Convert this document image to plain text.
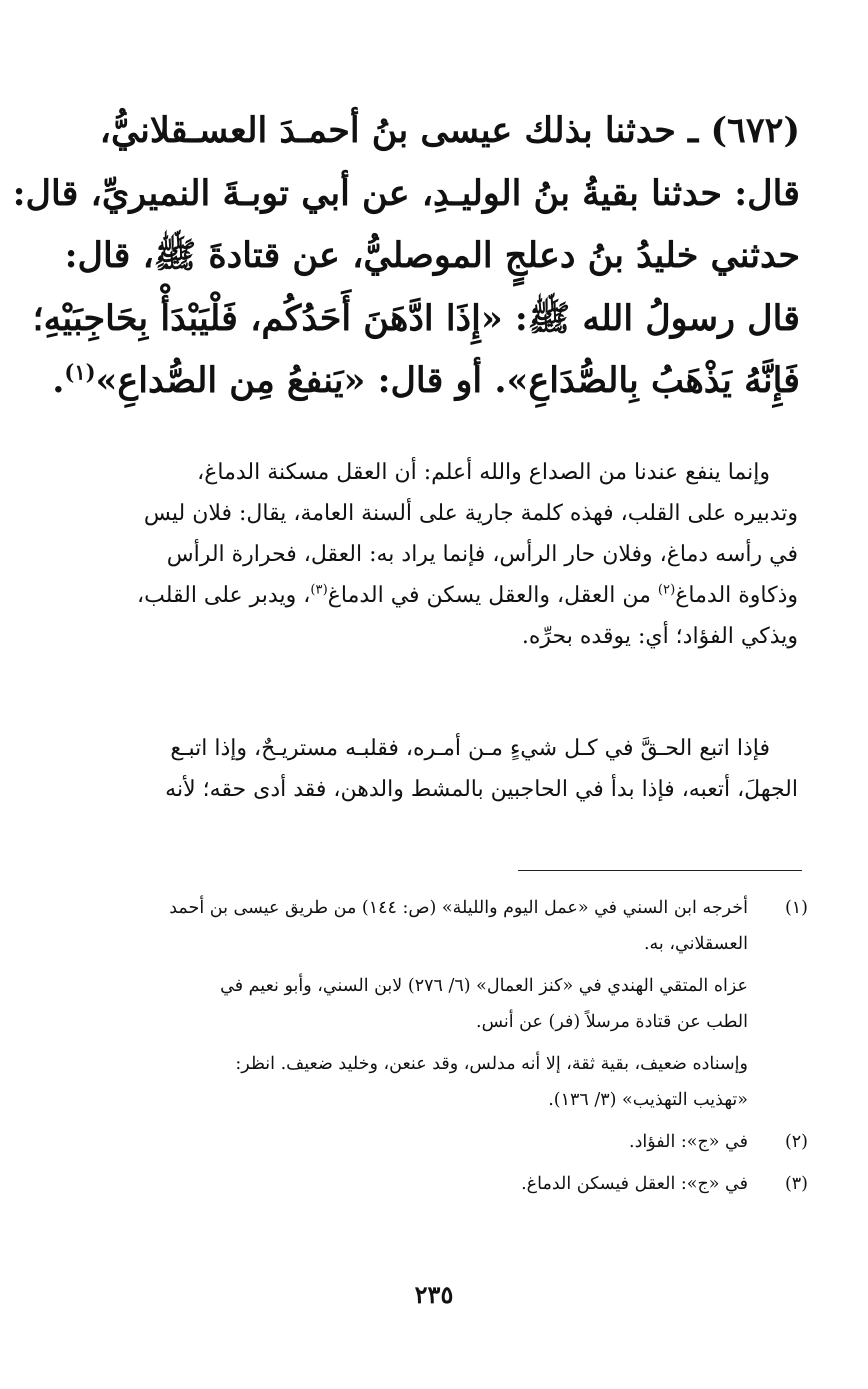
(٦٧٢) ـ حدثنا بذلك عيسى بنُ أحمـدَ العسـقلانيُّ،
قال: حدثنا بقيةُ بنُ الوليـدِ، عن أبي توبـةَ النميريِّ، قال:
حدثني خليدُ بنُ دعلجٍ الموصليُّ، عن قتادةَ ﷺ، قال:
قال رسولُ الله ﷺ: «إِذَا ادَّهَنَ أَحَدُكُم، فَلْيَبْدَأْ بِحَاجِبَيْهِ؛
فَإِنَّهُ يَذْهَبُ بِالصُّدَاعِ». أو قال: «يَنفعُ مِن الصُّداعِ»$^{(١)}$.
وإنما ينفع عندنا من الصداع والله أعلم: أن العقل مسكنة الدماغ،
وتدبيره على القلب، فهذه كلمة جارية على ألسنة العامة، يقال: فلان ليس
في رأسه دماغ، وفلان حار الرأس، فإنما يراد به: العقل، فحرارة الرأس
وذكاوة الدماغ$^{(٢)}$ من العقل، والعقل يسكن في الدماغ$^{(٣)}$، ويدبر على القلب،
ويذكي الفؤاد؛ أي: يوقده بحرِّه.
فإذا اتبع الحـقَّ في كـل شيءٍ مـن أمـره، فقلبـه مستريـحٌ، وإذا اتبـع
الجهلَ، أتعبه، فإذا بدأ في الحاجبين بالمشط والدهن، فقد أدى حقه؛ لأنه
(١)
أخرجه ابن السني في «عمل اليوم والليلة» (ص: ١٤٤) من طريق عيسى بن أحمد
العسقلاني، به.
عزاه المتقي الهندي في «كنز العمال» (٦/ ٢٧٦) لابن السني، وأبو نعيم في
الطب عن قتادة مرسلاً (فر) عن أنس.
وإسناده ضعيف، بقية ثقة، إلا أنه مدلس، وقد عنعن، وخليد ضعيف. انظر:
«تهذيب التهذيب» (٣/ ١٣٦).
(٢)
في «ج»: الفؤاد.
(٣)
في «ج»: العقل فيسكن الدماغ.
٢٣٥
